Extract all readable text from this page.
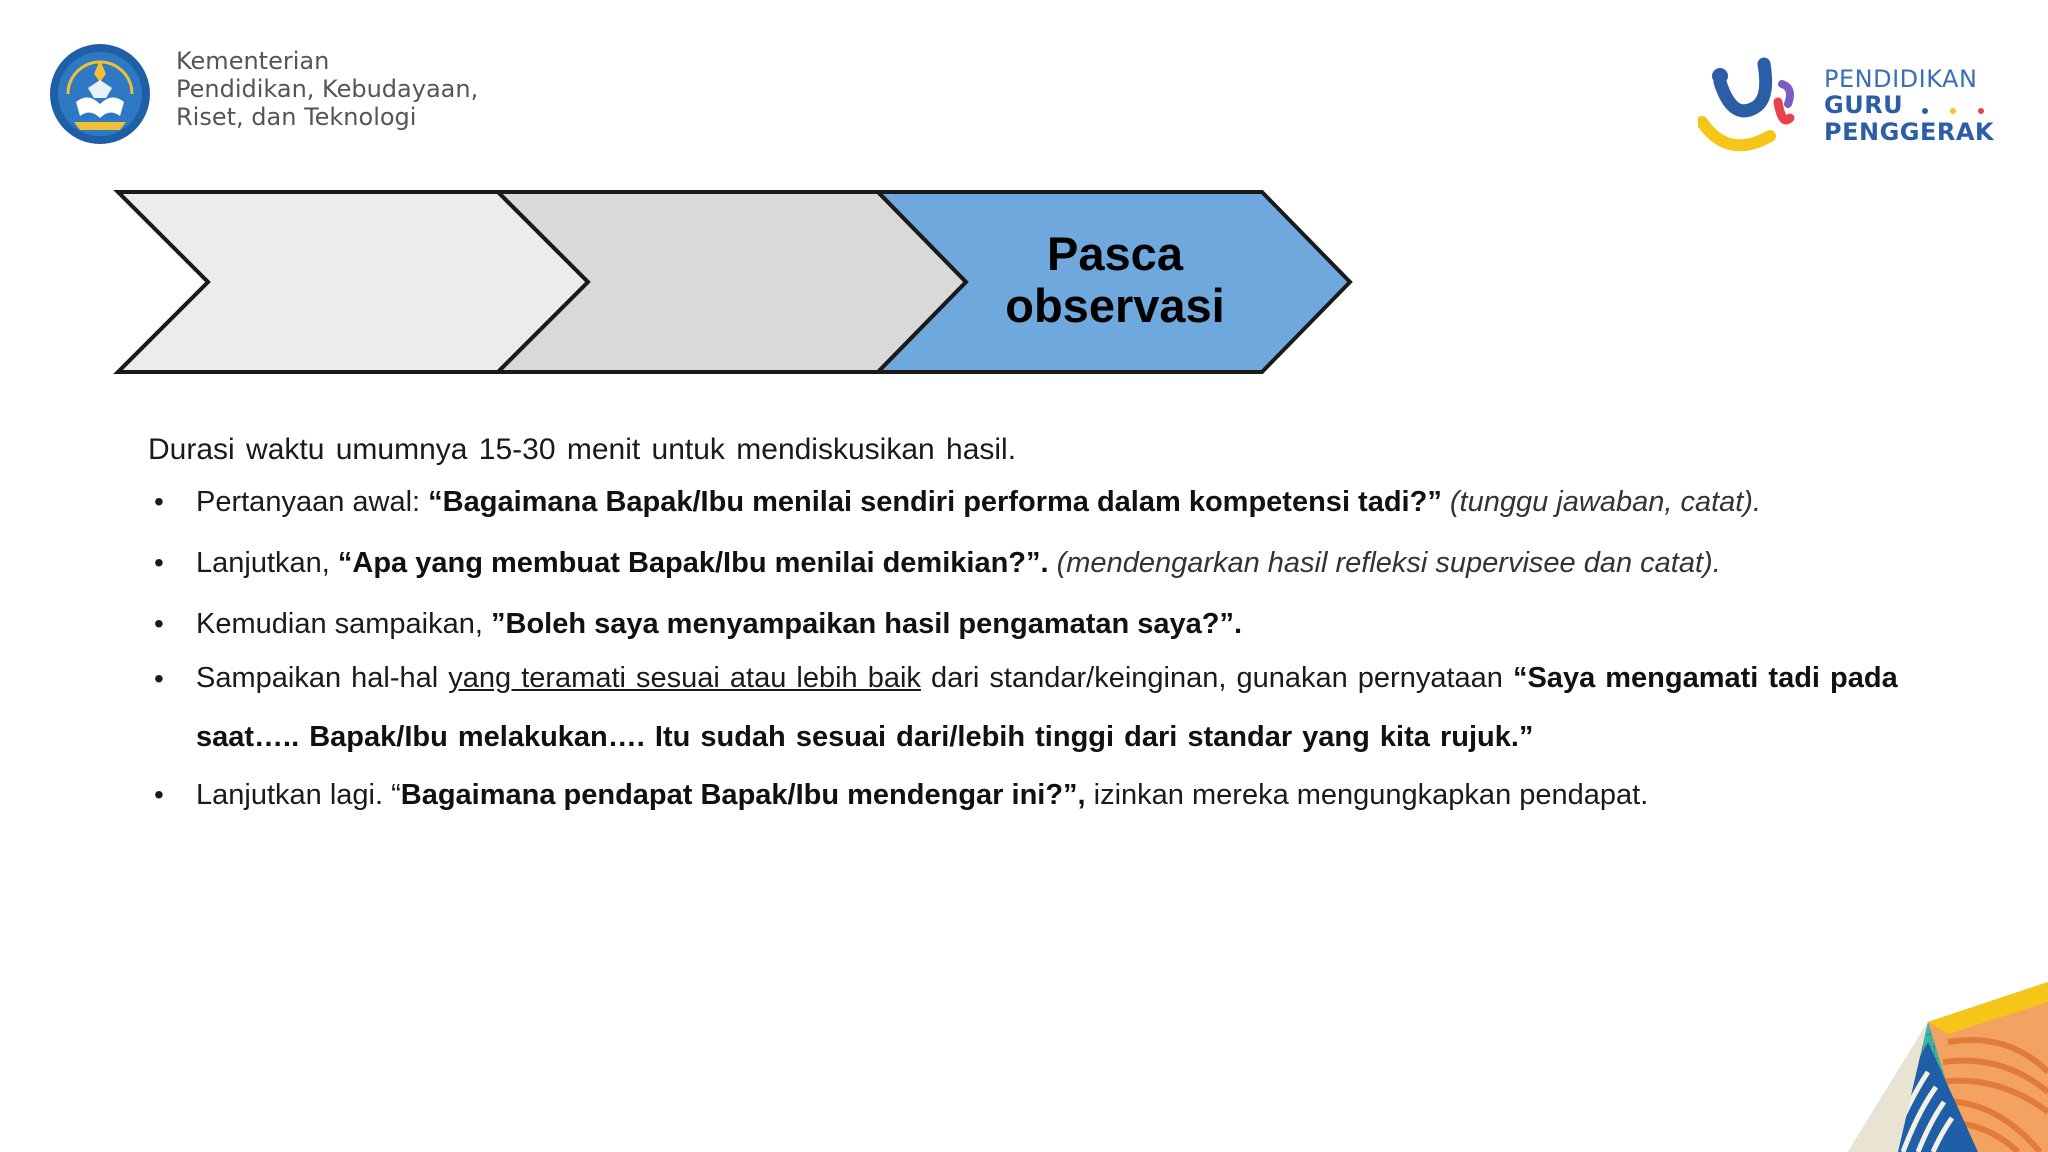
Kementerian
Pendidikan, Kebudayaan,
Riset, dan Teknologi
PENDIDIKAN
GURU
PENGGERAK
Pasca
observasi

Durasi waktu umumnya 15-30 menit untuk mendiskusikan hasil.

• Pertanyaan awal: “Bagaimana Bapak/Ibu menilai sendiri performa dalam kompetensi tadi?” (tunggu jawaban, catat).
• Lanjutkan, “Apa yang membuat Bapak/Ibu menilai demikian?”. (mendengarkan hasil refleksi supervisee dan catat).
• Kemudian sampaikan, ”Boleh saya menyampaikan hasil pengamatan saya?”.
• Sampaikan hal-hal yang teramati sesuai atau lebih baik dari standar/keinginan, gunakan pernyataan “Saya mengamati tadi pada saat….. Bapak/Ibu melakukan…. Itu sudah sesuai dari/lebih tinggi dari standar yang kita rujuk.”
• Lanjutkan lagi. “Bagaimana pendapat Bapak/Ibu mendengar ini?”, izinkan mereka mengungkapkan pendapat.
